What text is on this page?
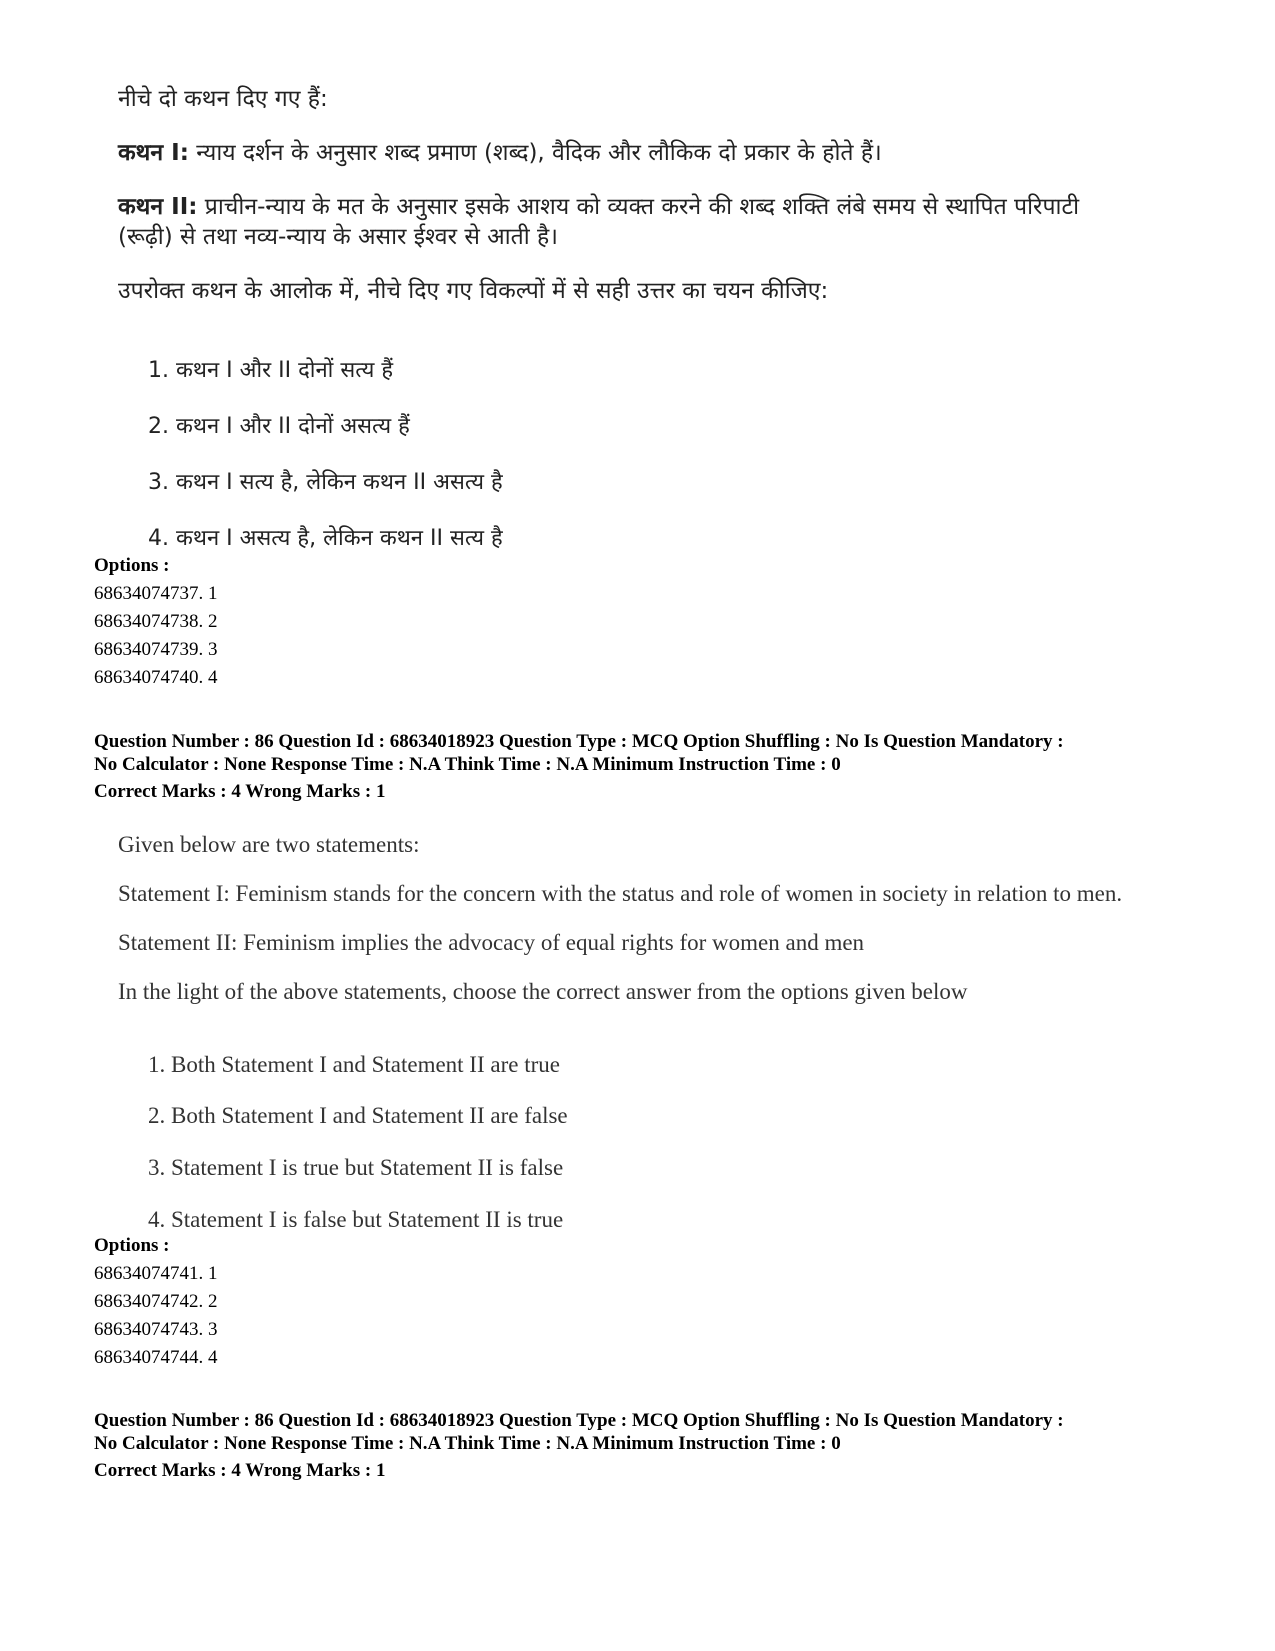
नीचे दो कथन दिए गए हैं:

कथन I: न्याय दर्शन के अनुसार शब्द प्रमाण (शब्द), वैदिक और लौकिक दो प्रकार के होते हैं।

कथन II: प्राचीन-न्याय के मत के अनुसार इसके आशय को व्यक्त करने की शब्द शक्ति लंबे समय से स्थापित परिपाटी

(रूढ़ी) से तथा नव्य-न्याय के असार ईश्वर से आती है।

उपरोक्त कथन के आलोक में, नीचे दिए गए विकल्पों में से सही उत्तर का चयन कीजिए:

1. कथन I और II दोनों सत्य हैं

2. कथन I और II दोनों असत्य हैं

3. कथन I सत्य है, लेकिन कथन II असत्य है

4. कथन I असत्य है, लेकिन कथन II सत्य है

Options :
68634074737. 1
68634074738. 2
68634074739. 3
68634074740. 4
Question Number : 86 Question Id : 68634018923 Question Type : MCQ Option Shuffling : No Is Question Mandatory :
No Calculator : None Response Time : N.A Think Time : N.A Minimum Instruction Time : 0
Correct Marks : 4 Wrong Marks : 1

Given below are two statements:

Statement I: Feminism stands for the concern with the status and role of women in society in relation to men.

Statement II: Feminism implies the advocacy of equal rights for women and men

In the light of the above statements, choose the correct answer from the options given below

1. Both Statement I and Statement II are true

2. Both Statement I and Statement II are false

3. Statement I is true but Statement II is false

4. Statement I is false but Statement II is true

Options :
68634074741. 1
68634074742. 2
68634074743. 3
68634074744. 4
Question Number : 86 Question Id : 68634018923 Question Type : MCQ Option Shuffling : No Is Question Mandatory :
No Calculator : None Response Time : N.A Think Time : N.A Minimum Instruction Time : 0
Correct Marks : 4 Wrong Marks : 1
